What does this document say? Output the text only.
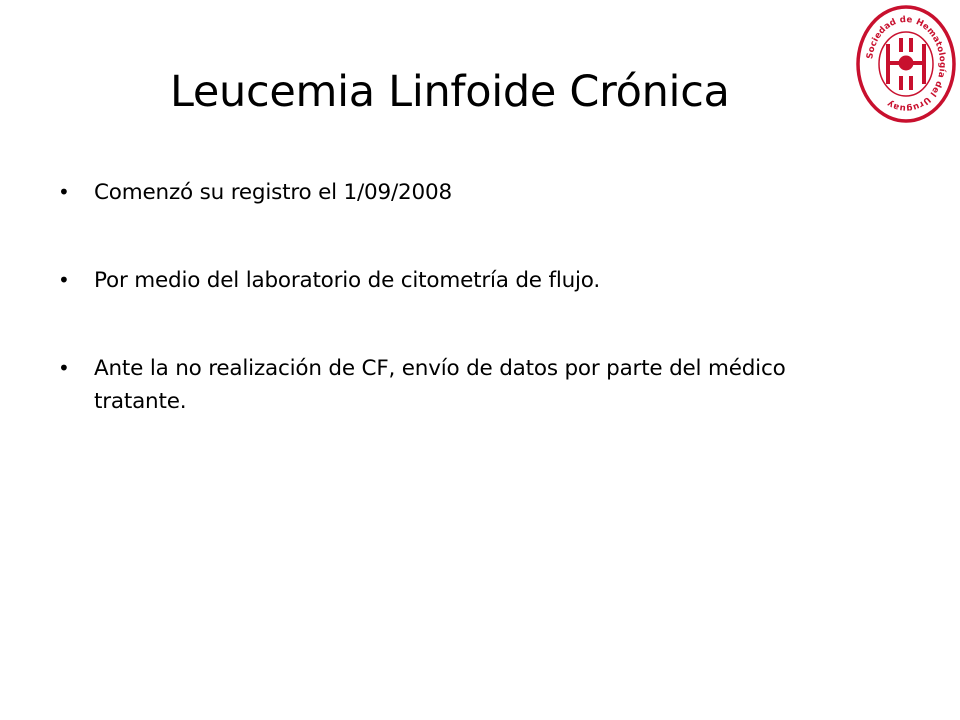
Leucemia Linfoide Crónica
• Comenzó su registro el 1/09/2008
• Por medio del laboratorio de citometría de flujo.
• Ante la no realización de CF, envío de datos por parte del médico tratante.
Sociedad de Hematología del Uruguay
